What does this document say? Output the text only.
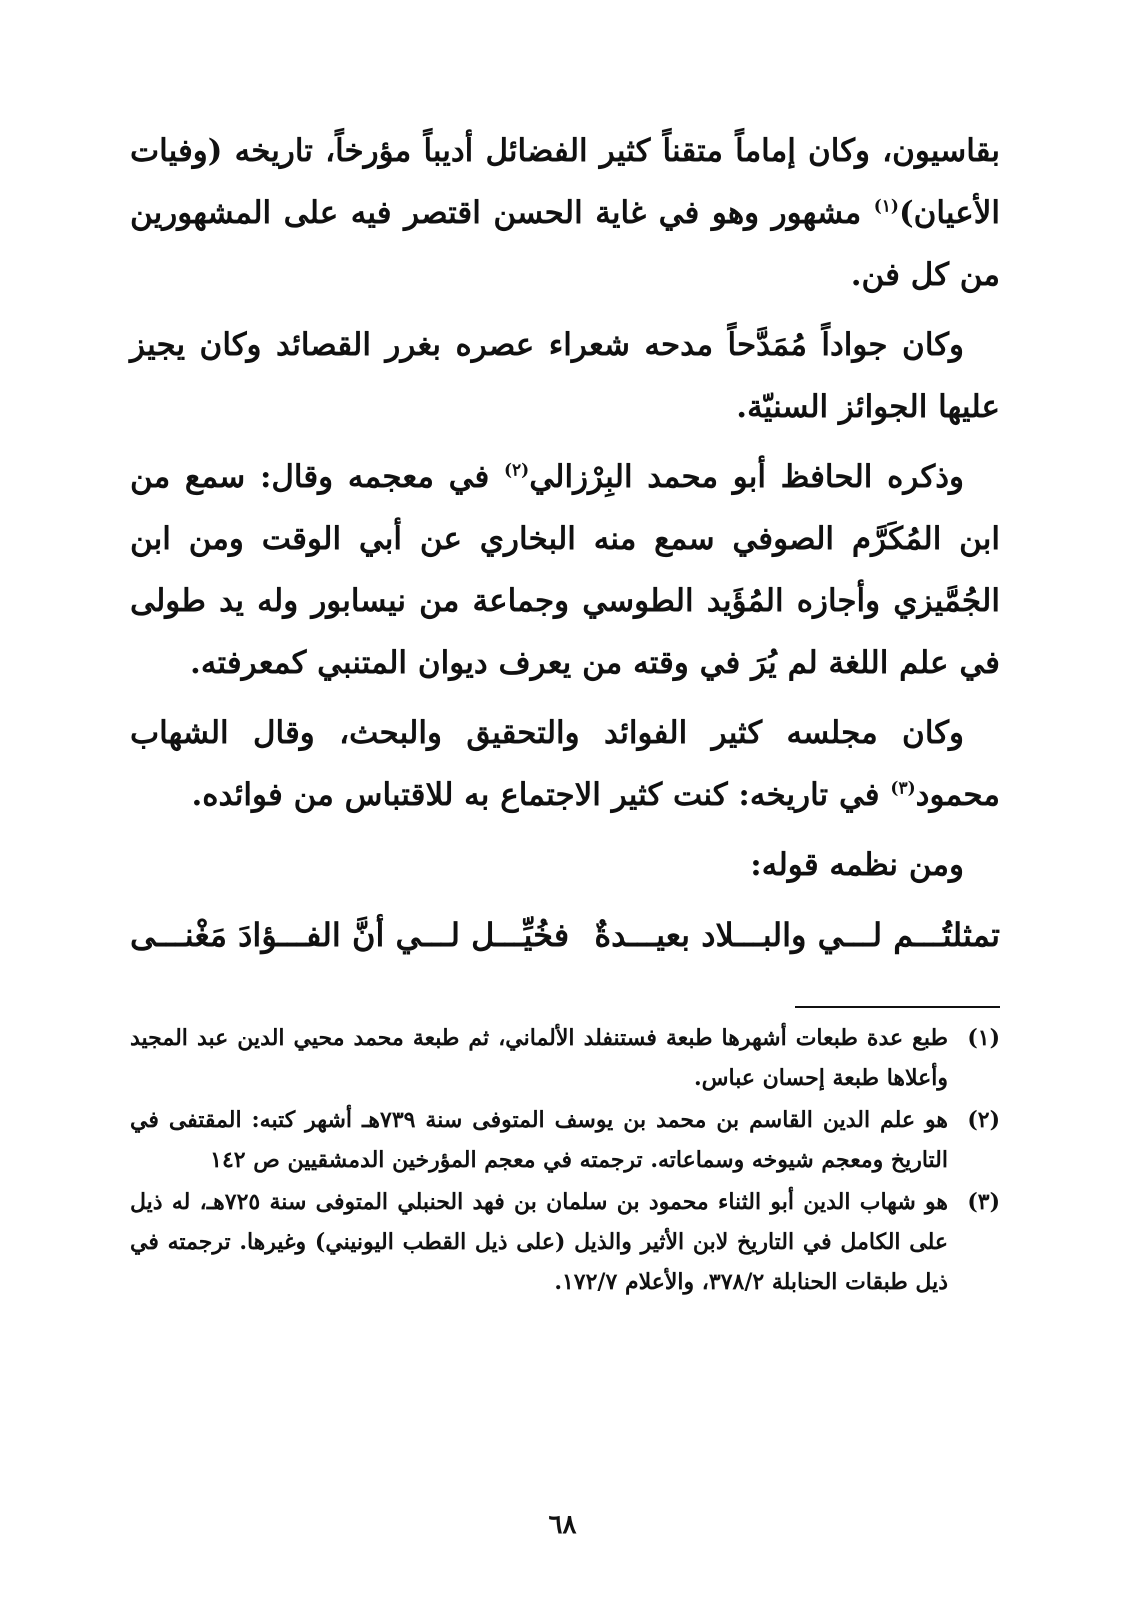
بقاسيون، وكان إماماً متقناً كثير الفضائل أديباً مؤرخاً، تاريخه (وفيات الأعيان)$^{(١)}$ مشهور وهو في غاية الحسن اقتصر فيه على المشهورين من كل فن.

وكان جواداً مُمَدَّحاً مدحه شعراء عصره بغرر القصائد وكان يجيز عليها الجوائز السنيّة.

وذكره الحافظ أبو محمد البِرْزالي$^{(٢)}$ في معجمه وقال: سمع من ابن المُكَرَّم الصوفي سمع منه البخاري عن أبي الوقت ومن ابن الجُمَّيزي وأجازه المُؤَيد الطوسي وجماعة من نيسابور وله يد طولى في علم اللغة لم يُرَ في وقته من يعرف ديوان المتنبي كمعرفته.

وكان مجلسه كثير الفوائد والتحقيق والبحث، وقال الشهاب محمود$^{(٣)}$ في تاريخه: كنت كثير الاجتماع به للاقتباس من فوائده.

ومن نظمه قوله:

تمثلتُـــم لـــي والبـــلاد بعيـــدةٌ
فخُيِّـــل لـــي أنَّ الفـــؤادَ مَغْنـــى
(١)
طبع عدة طبعات أشهرها طبعة فستنفلد الألماني، ثم طبعة محمد محيي الدين عبد المجيد وأعلاها طبعة إحسان عباس.
(٢)
هو علم الدين القاسم بن محمد بن يوسف المتوفى سنة ٧٣٩هـ أشهر كتبه: المقتفى في التاريخ ومعجم شيوخه وسماعاته. ترجمته في معجم المؤرخين الدمشقيين ص ١٤٢
(٣)
هو شهاب الدين أبو الثناء محمود بن سلمان بن فهد الحنبلي المتوفى سنة ٧٢٥هـ، له ذيل على الكامل في التاريخ لابن الأثير والذيل (على ذيل القطب اليونيني) وغيرها. ترجمته في ذيل طبقات الحنابلة ٣٧٨/٢، والأعلام ١٧٢/٧.
٦٨
